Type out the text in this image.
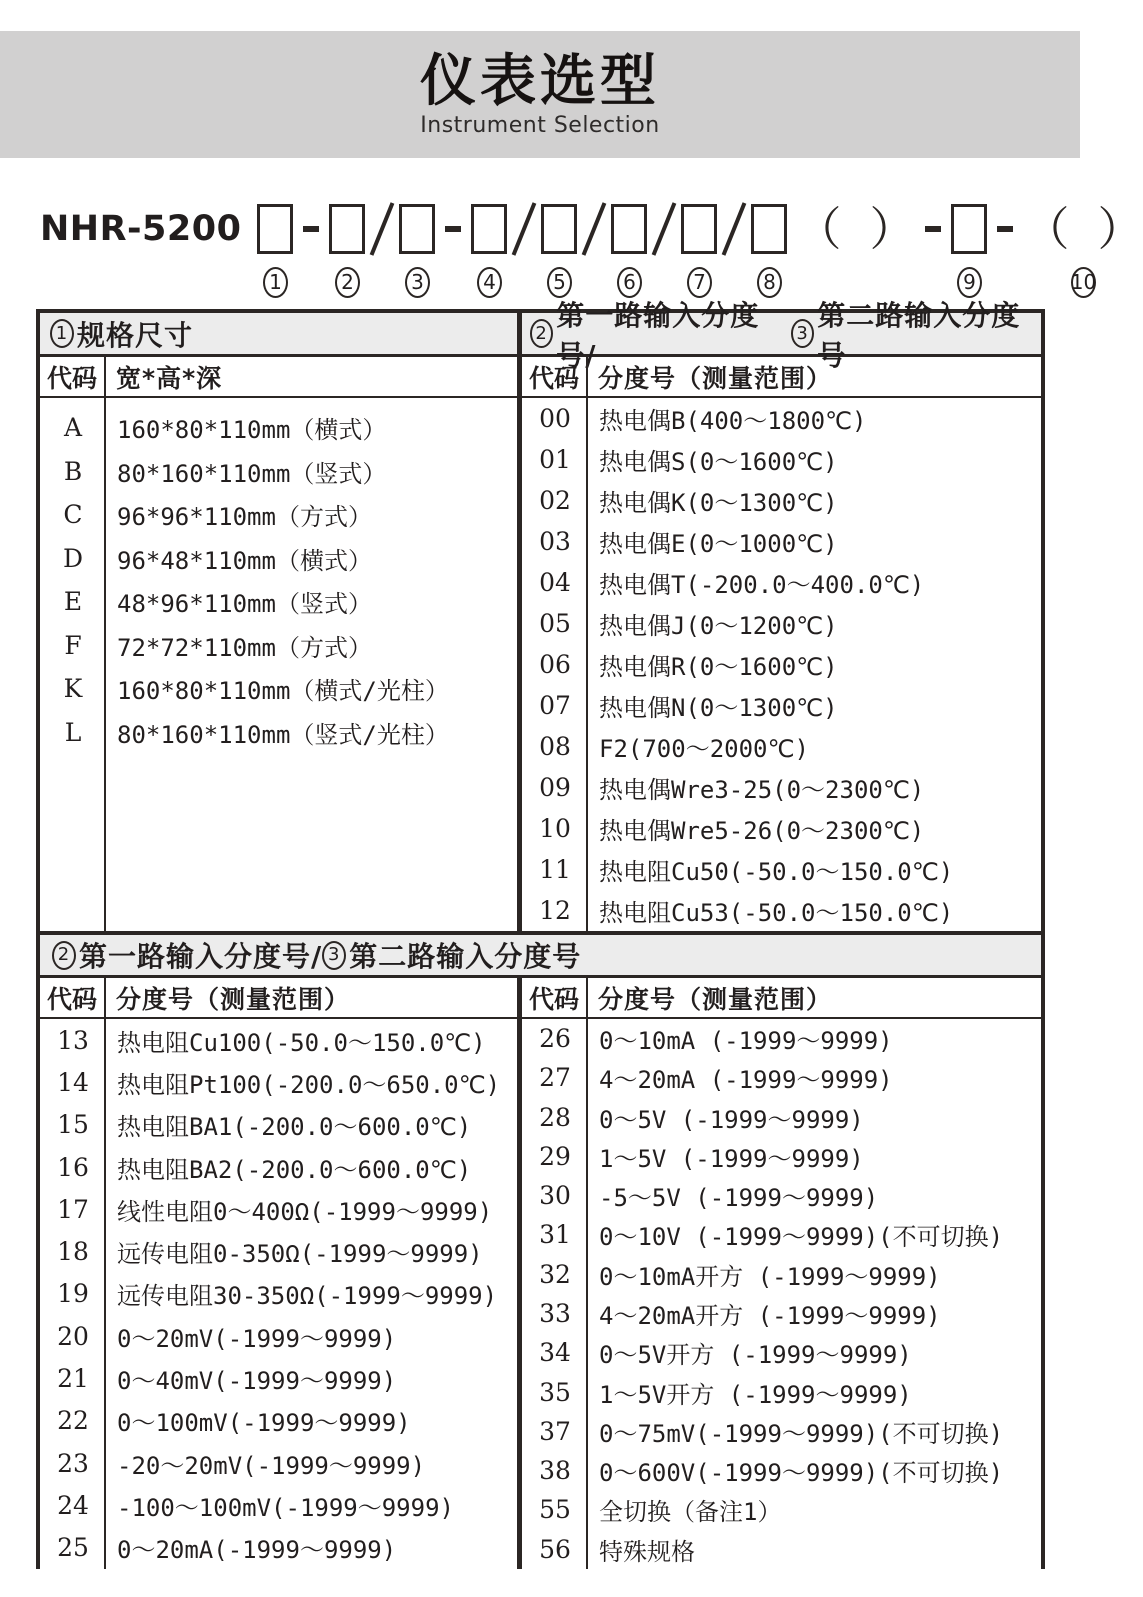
仪表选型
Instrument Selection
NHR-5200
1	2	3	4	5	6	7	8
（ ）
9
（ ）
10
1 规格尺寸	2
第一路输入分度号/
3
第二路输入分度号
代码 宽*高*深	代码 分度号（测量范围）
A	160*80*110mm（横式）
B	80*160*110mm（竖式）
C	96*96*110mm（方式）
D	96*48*110mm（横式）
E	48*96*110mm（竖式）
F	72*72*110mm（方式）
K	160*80*110mm（横式/光柱）
L	80*160*110mm（竖式/光柱）
00	热电偶B(400～1800℃)
01	热电偶S(0～1600℃)
02	热电偶K(0～1300℃)
03	热电偶E(0～1000℃)
04	热电偶T(-200.0～400.0℃)
05	热电偶J(0～1200℃)
06	热电偶R(0～1600℃)
07	热电偶N(0～1300℃)
08	F2(700～2000℃)
09	热电偶Wre3-25(0～2300℃)
10	热电偶Wre5-26(0～2300℃)
11	热电阻Cu50(-50.0～150.0℃)
12	热电阻Cu53(-50.0～150.0℃)
2 第一路输入分度号/ 3 第二路输入分度号
代码 分度号（测量范围）	代码 分度号（测量范围）
13	热电阻Cu100(-50.0～150.0℃)
14	热电阻Pt100(-200.0～650.0℃)
15	热电阻BA1(-200.0～600.0℃)
16	热电阻BA2(-200.0～600.0℃)
17	线性电阻0～400Ω(-1999～9999)
18	远传电阻0-350Ω(-1999～9999)
19	远传电阻30-350Ω(-1999～9999)
20	0～20mV(-1999～9999)
21	0～40mV(-1999～9999)
22	0～100mV(-1999～9999)
23	-20～20mV(-1999～9999)
24	-100～100mV(-1999～9999)
25	0～20mA(-1999～9999)
26	0～10mA (-1999～9999)
27	4～20mA (-1999～9999)
28	0～5V (-1999～9999)
29	1～5V (-1999～9999)
30	-5～5V (-1999～9999)
31	0～10V (-1999～9999)(不可切换)
32	0～10mA开方 (-1999～9999)
33	4～20mA开方 (-1999～9999)
34	0～5V开方 (-1999～9999)
35	1～5V开方 (-1999～9999)
37	0～75mV(-1999～9999)(不可切换)
38	0～600V(-1999～9999)(不可切换)
55	全切换（备注1）
56	特殊规格
